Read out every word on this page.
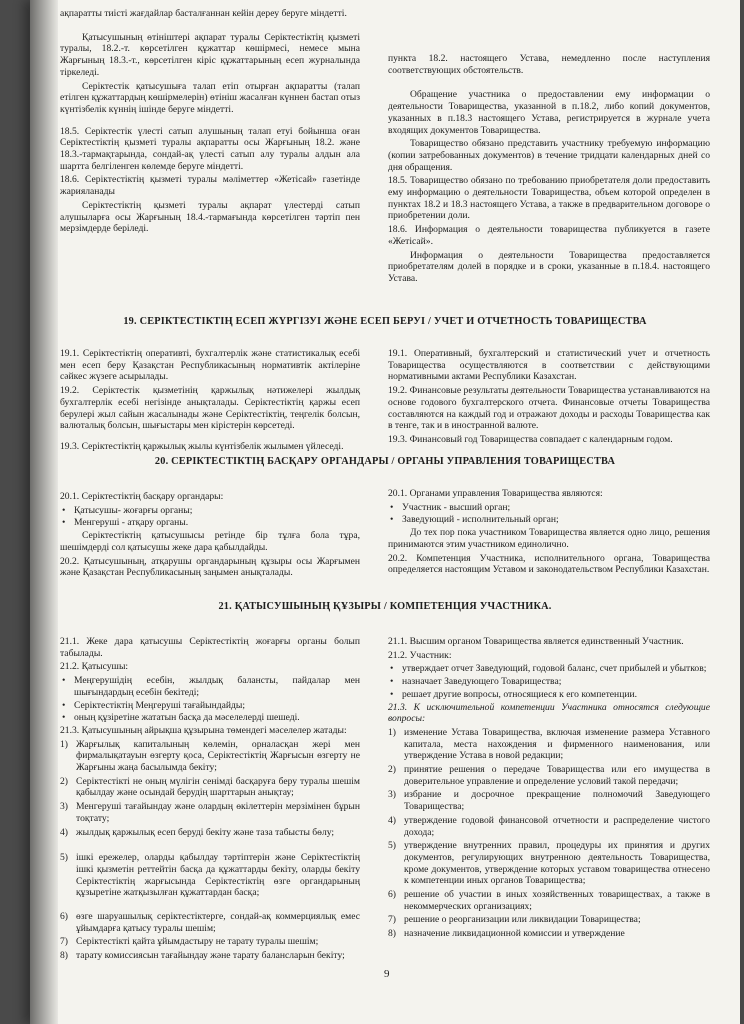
ақпаратты тиісті жағдайлар басталғаннан кейін дереу беруге міндетті.

Қатысушының өтініштері ақпарат туралы Серіктестіктің қызметі туралы, 18.2.-т. көрсетілген құжаттар көшірмесі, немесе мына Жарғының 18.3.-т., көрсетілген кіріс құжаттарының есеп журналында тіркеледі.

Серіктестік қатысушыға талап етіп отырған ақпаратты (талап етілген құжаттардың көшірмелерін) өтініш жасалған күннен бастап отыз күнтізбелік күннің ішінде беруге міндетті.

18.5. Серіктестік үлесті сатып алушының талап етуі бойынша оған Серіктестіктің қызметі туралы ақпаратты осы Жарғының 18.2. және 18.3.-тармақтарында, сондай-ақ үлесті сатып алу туралы алдын ала шартта белгіленген көлемде беруге міндетті.

18.6. Серіктестіктің қызметі туралы мәліметтер «Жетісай» газетінде жарияланады

Серіктестіктің қызметі туралы ақпарат үлестерді сатып алушыларға осы Жарғының 18.4.-тармағында көрсетілген тәртіп пен мерзімдерде беріледі.

пункта 18.2. настоящего Устава, немедленно после наступления соответствующих обстоятельств.

Обращение участника о предоставлении ему информации о деятельности Товарищества, указанной в п.18.2, либо копий документов, указанных в п.18.3 настоящего Устава, регистрируется в журнале учета входящих документов Товарищества.

Товарищество обязано представить участнику требуемую информацию (копии затребованных документов) в течение тридцати календарных дней со дня обращения.

18.5. Товарищество обязано по требованию приобретателя доли предоставить ему информацию о деятельности Товарищества, объем которой определен в пунктах 18.2 и 18.3 настоящего Устава, а также в предварительном договоре о приобретении доли.

18.6. Информация о деятельности товарищества публикуется в газете «Жетісай».

Информация о деятельности Товарищества предоставляется приобретателям долей в порядке и в сроки, указанные в п.18.4. настоящего Устава.

19. СЕРІКТЕСТІКТІҢ ЕСЕП ЖҮРГІЗУІ ЖӘНЕ ЕСЕП БЕРУІ / УЧЕТ И ОТЧЕТНОСТЬ ТОВАРИЩЕСТВА

19.1. Серіктестіктің оперативті, бухгалтерлік және статистикалық есебі мен есеп беру Қазақстан Республикасының нормативтік актілеріне сәйкес жүзеге асырылады.

19.2. Серіктестік қызметінің қаржылық нәтижелері жылдық бухгалтерлік есебі негізінде анықталады. Серіктестіктің қаржы есеп берулері жыл сайын жасалынады және Серіктестіктің, теңгелік болсын, валюталық болсын, шығыстары мен кірістерін көрсетеді.

19.3. Серіктестіктің қаржылық жылы күнтізбелік жылымен үйлеседі.

19.1. Оперативный, бухгалтерский и статистический учет и отчетность Товарищества осуществляются в соответствии с действующими нормативными актами Республики Казахстан.

19.2. Финансовые результаты деятельности Товарищества устанавливаются на основе годового бухгалтерского отчета. Финансовые отчеты Товарищества составляются на каждый год и отражают доходы и расходы Товарищества как в тенге, так и в иностранной валюте.

19.3. Финансовый год Товарищества совпадает с календарным годом.

20. СЕРІКТЕСТІКТІҢ БАСҚАРУ ОРГАНДАРЫ / ОРГАНЫ УПРАВЛЕНИЯ ТОВАРИЩЕСТВА

20.1. Серіктестіктің басқару органдары:

• Қатысушы- жоғарғы органы;
• Менгеруші - атқару органы.

Серіктестіктің қатысушысы ретінде бір тұлға бола тұра, шешімдерді сол қатысушы жеке дара қабылдайды.

20.2. Қатысушының, атқарушы органдарының құзыры осы Жарғымен және Қазақстан Республикасының заңымен анықталады.

20.1. Органами управления Товарищества являются:

• Участник - высший орган;
• Заведующий - исполнительный орган;

До тех пор пока участником Товарищества является одно лицо, решения принимаются этим участником единолично.

20.2. Компетенция Участника, исполнительного органа, Товарищества определяется настоящим Уставом и законодательством Республики Казахстан.

21. ҚАТЫСУШЫНЫҢ ҚҰЗЫРЫ / КОМПЕТЕНЦИЯ УЧАСТНИКА.

21.1. Жеке дара қатысушы Серіктестіктің жоғарғы органы болып табылады.

21.2. Қатысушы:

• Меңгерушідің есебін, жылдық балансты, пайдалар мен шығындардың есебін бекітеді;
• Серіктестіктің Меңгеруші тағайындайды;
• оның құзіретіне жататын басқа да мәселелерді шешеді.

21.3. Қатысушының айрықша құзырына төмендегі мәселелер жатады:

1) Жарғылық капиталының көлемін, орналасқан жері мен фирмалықатауын өзгерту қоса, Серіктестіктің Жарғысын өзгерту не Жарғыны жаңа басылымда бекіту;
2) Серіктестікті не оның мүлігін сенімді басқаруға беру туралы шешім қабылдау және осындай берудің шарттарын анықтау;
3) Менгеруші тағайындау және олардың өкілеттерін мерзімінен бұрын тоқтату;
4) жылдық қаржылық есеп беруді бекіту және таза табысты бөлу;
5) ішкі ережелер, оларды қабылдау тәртіптерін және Серіктестіктің ішкі қызметін реттейтін басқа да құжаттарды бекіту, оларды бекіту Серіктестіктің жарғысында Серіктестіктің өзге органдарының құзыретіне жатқызылған құжаттардан басқа;
6) өзге шаруашылық серіктестіктерге, сондай-ақ коммерциялық емес ұйымдарға қатысу туралы шешім;
7) Серіктестікті қайта ұйымдастыру не тарату туралы шешім;
8) тарату комиссиясын тағайындау және тарату балансларын бекіту;

21.1. Высшим органом Товарищества является единственный Участник.

21.2. Участник:

• утверждает отчет Заведующий, годовой баланс, счет прибылей и убытков;
• назначает Заведующего Товарищества;
• решает другие вопросы, относящиеся к его компетенции.

21.3. К исключительной компетенции Участника относятся следующие вопросы:

1) изменение Устава Товарищества, включая изменение размера Уставного капитала, места нахождения и фирменного наименования, или утверждение Устава в новой редакции;
2) принятие решения о передаче Товарищества или его имущества в доверительное управление и определение условий такой передачи;
3) избрание и досрочное прекращение полномочий Заведующего Товарищества;
4) утверждение годовой финансовой отчетности и распределение чистого дохода;
5) утверждение внутренних правил, процедуры их принятия и других документов, регулирующих внутренною деятельность Товарищества, кроме документов, утверждение которых уставом товарищества отнесено к компетенции иных органов Товарищества;
6) решение об участии в иных хозяйственных товариществах, а также в некоммерческих организациях;
7) решение о реорганизации или ликвидации Товарищества;
8) назначение ликвидационной комиссии и утверждение
9
